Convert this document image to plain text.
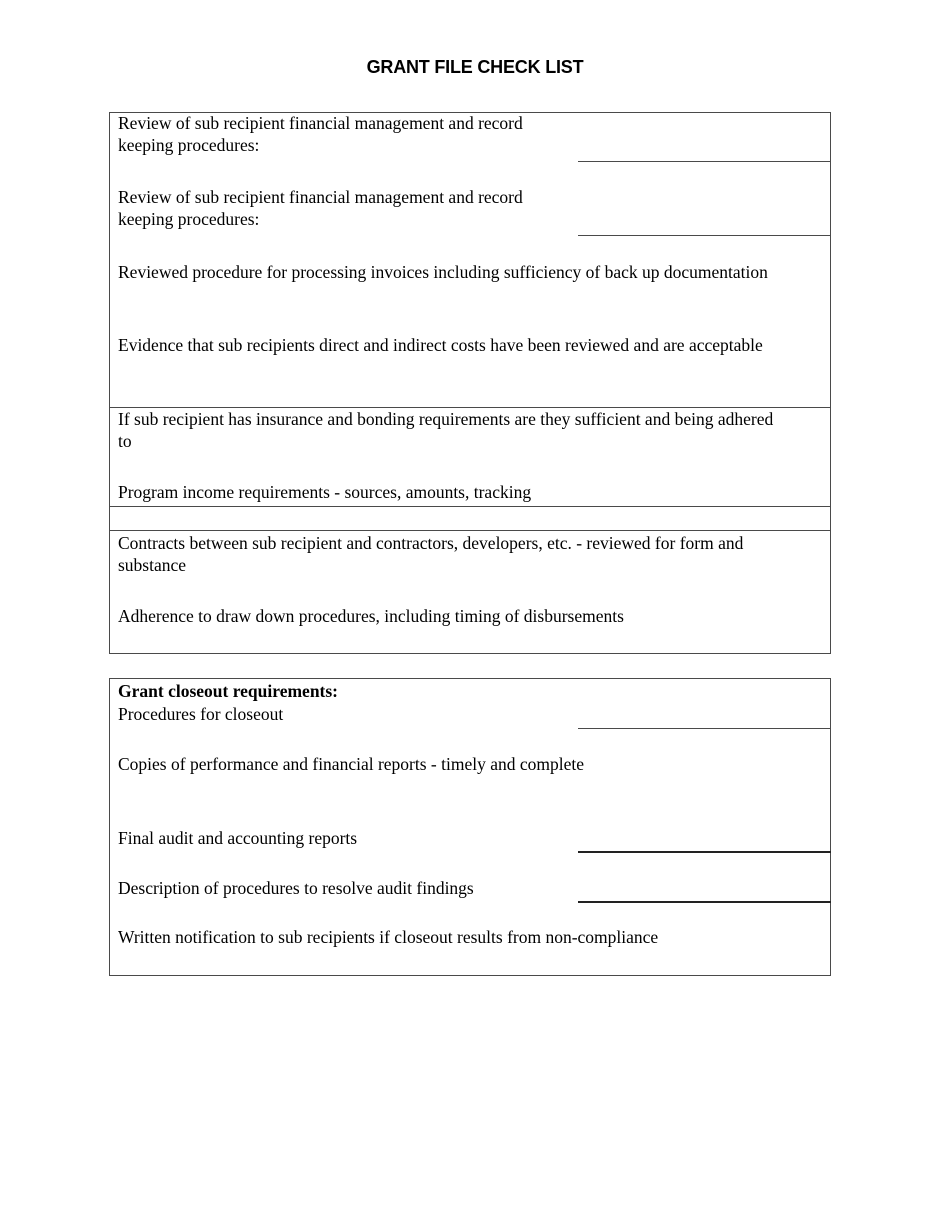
GRANT FILE CHECK LIST
Review of sub recipient financial management and record
keeping procedures:
Review of sub recipient financial management and record
keeping procedures:
Reviewed procedure for processing invoices including sufficiency of back up documentation
Evidence that sub recipients direct and indirect costs have been reviewed and are acceptable
If sub recipient has insurance and bonding requirements are they sufficient and being adhered
to
Program income requirements - sources, amounts, tracking
Contracts between sub recipient and contractors, developers, etc. - reviewed for form and
substance
Adherence to draw down procedures, including timing of disbursements
Grant closeout requirements:
Procedures for closeout
Copies of performance and financial reports - timely and complete
Final audit and accounting reports
Description of procedures to resolve audit findings
Written notification to sub recipients if closeout results from non-compliance
